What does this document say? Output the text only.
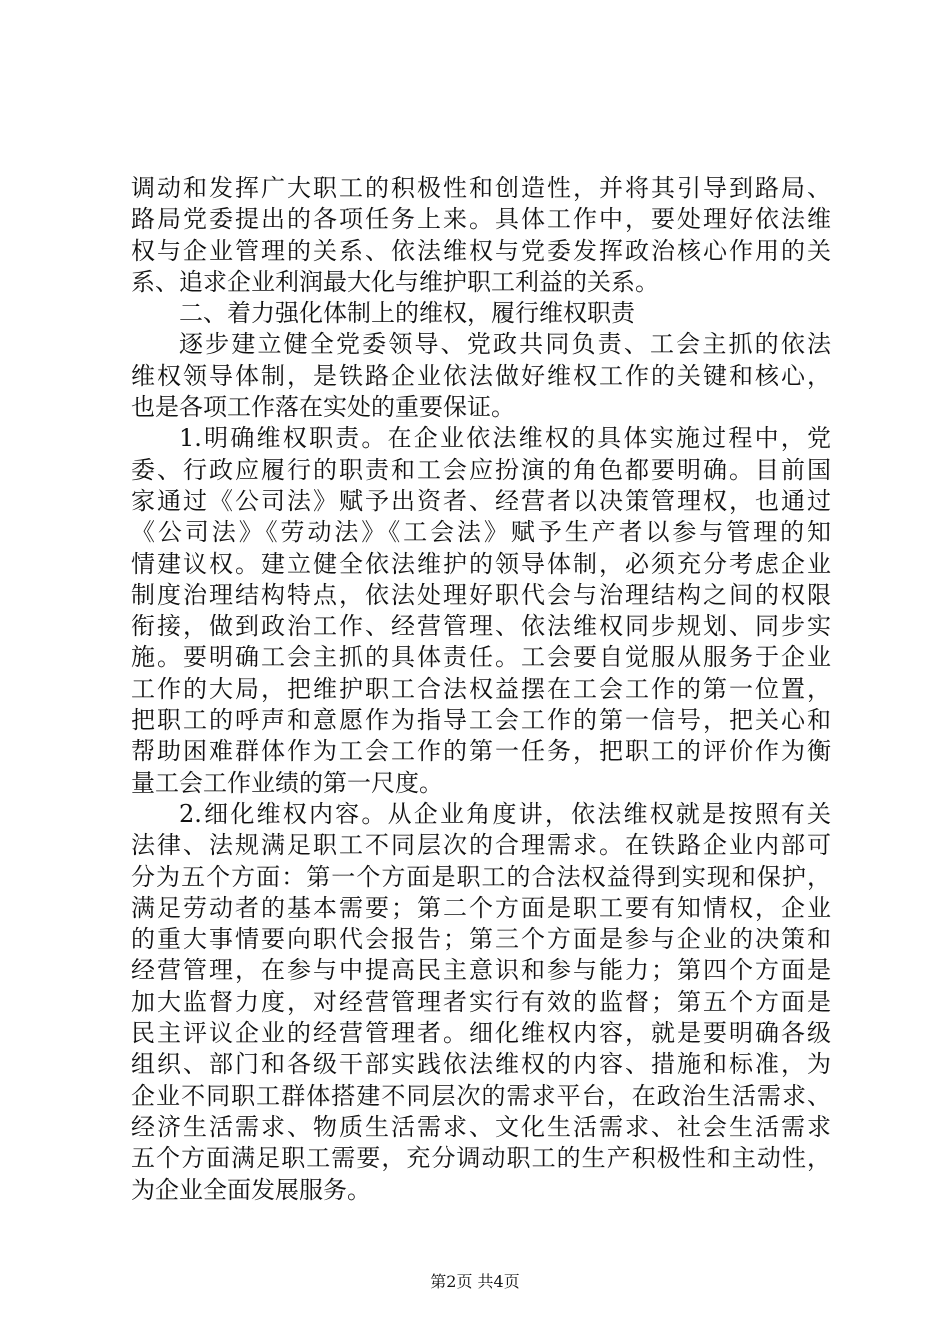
调动和发挥广大职工的积极性和创造性，并将其引导到路局、
路局党委提出的各项任务上来。具体工作中，要处理好依法维
权与企业管理的关系、依法维权与党委发挥政治核心作用的关
系、追求企业利润最大化与维护职工利益的关系。
二、着力强化体制上的维权，履行维权职责
逐步建立健全党委领导、党政共同负责、工会主抓的依法
维权领导体制，是铁路企业依法做好维权工作的关键和核心，
也是各项工作落在实处的重要保证。
1.明确维权职责。在企业依法维权的具体实施过程中，党
委、行政应履行的职责和工会应扮演的角色都要明确。目前国
家通过《公司法》赋予出资者、经营者以决策管理权，也通过
《公司法》《劳动法》《工会法》赋予生产者以参与管理的知
情建议权。建立健全依法维护的领导体制，必须充分考虑企业
制度治理结构特点，依法处理好职代会与治理结构之间的权限
衔接，做到政治工作、经营管理、依法维权同步规划、同步实
施。要明确工会主抓的具体责任。工会要自觉服从服务于企业
工作的大局，把维护职工合法权益摆在工会工作的第一位置，
把职工的呼声和意愿作为指导工会工作的第一信号，把关心和
帮助困难群体作为工会工作的第一任务，把职工的评价作为衡
量工会工作业绩的第一尺度。
2.细化维权内容。从企业角度讲，依法维权就是按照有关
法律、法规满足职工不同层次的合理需求。在铁路企业内部可
分为五个方面：第一个方面是职工的合法权益得到实现和保护，
满足劳动者的基本需要；第二个方面是职工要有知情权，企业
的重大事情要向职代会报告；第三个方面是参与企业的决策和
经营管理，在参与中提高民主意识和参与能力；第四个方面是
加大监督力度，对经营管理者实行有效的监督；第五个方面是
民主评议企业的经营管理者。细化维权内容，就是要明确各级
组织、部门和各级干部实践依法维权的内容、措施和标准，为
企业不同职工群体搭建不同层次的需求平台，在政治生活需求、
经济生活需求、物质生活需求、文化生活需求、社会生活需求
五个方面满足职工需要，充分调动职工的生产积极性和主动性，
为企业全面发展服务。
第2页 共4页
